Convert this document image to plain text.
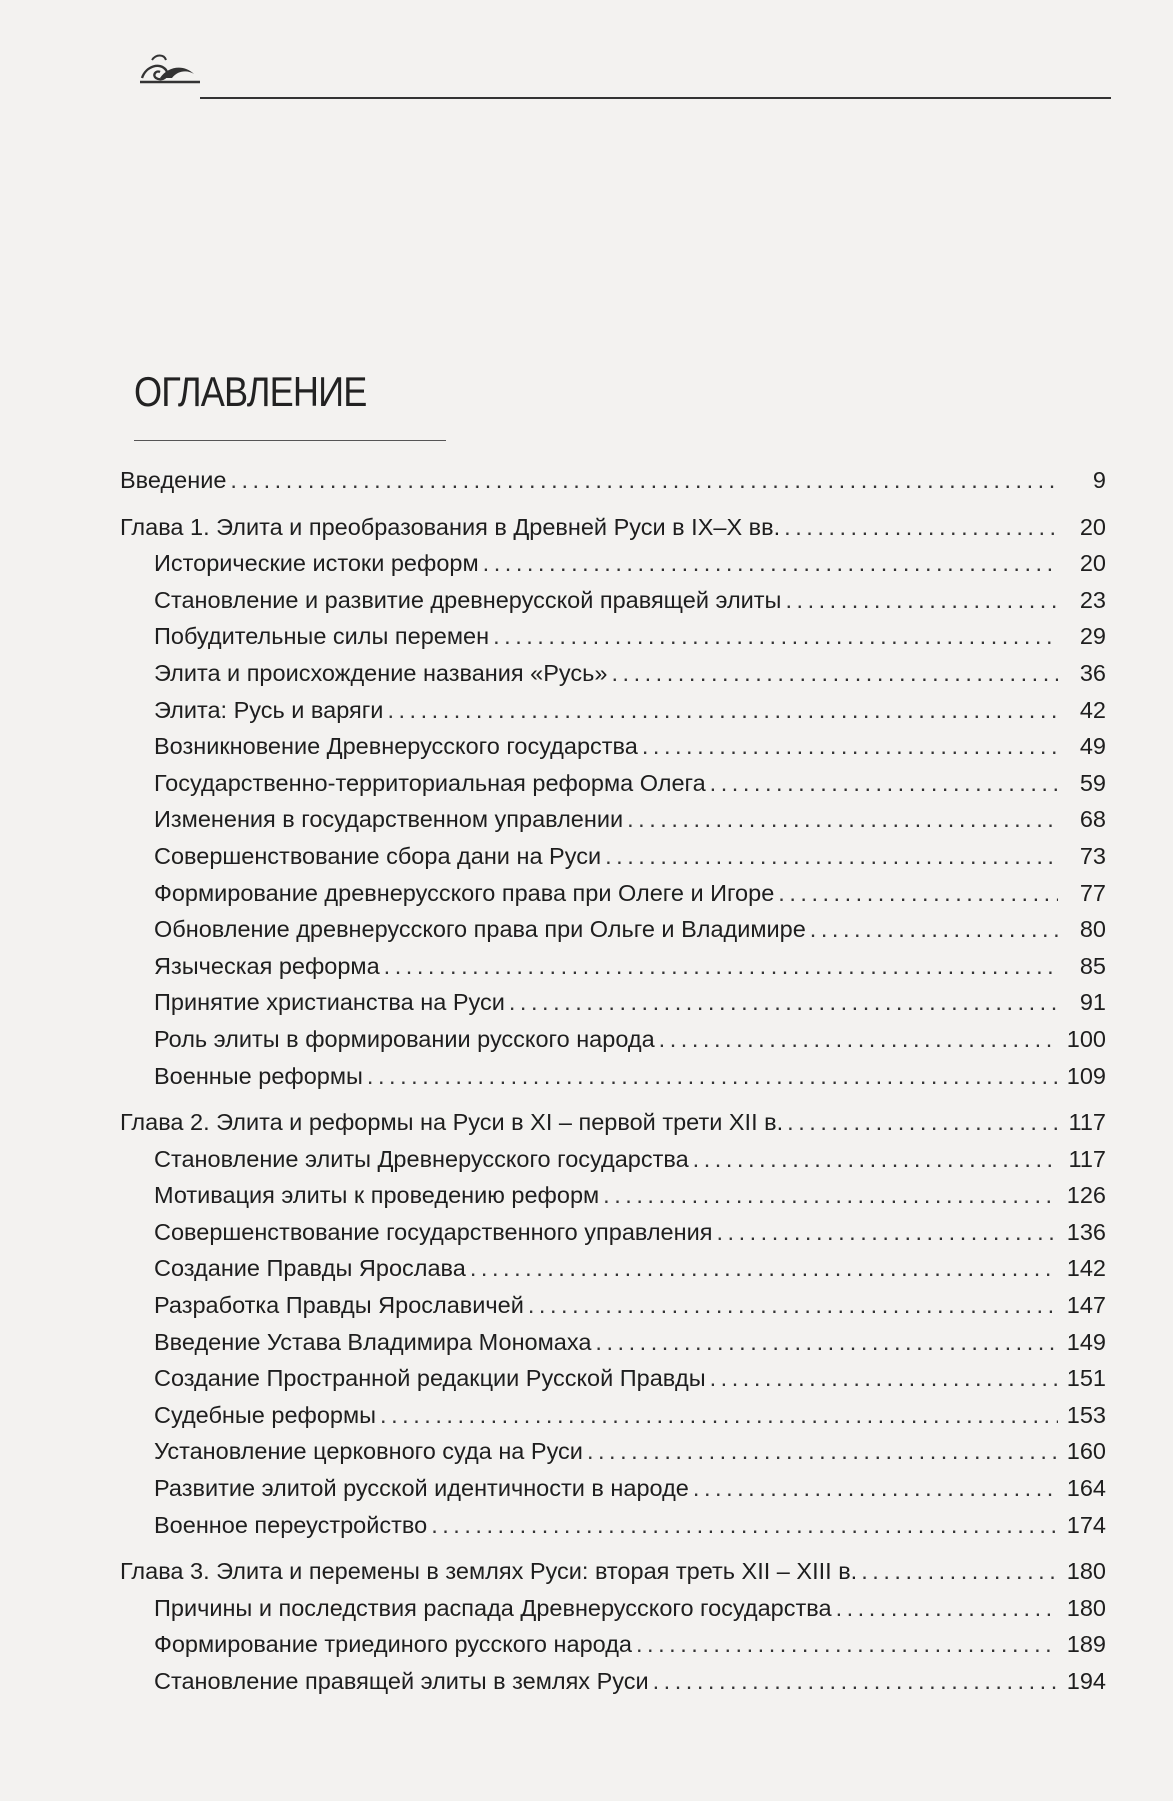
ОГЛАВЛЕНИЕ
Введение . . .	9
Глава 1. Элита и преобразования в Древней Руси в IX–X вв. . . .	20
Исторические истоки реформ . . .	20
Становление и развитие древнерусской правящей элиты . . .	23
Побудительные силы перемен . . .	29
Элита и происхождение названия «Русь» . . .	36
Элита: Русь и варяги . . .	42
Возникновение Древнерусского государства . . .	49
Государственно-территориальная реформа Олега . . .	59
Изменения в государственном управлении . . .	68
Совершенствование сбора дани на Руси . . .	73
Формирование древнерусского права при Олеге и Игоре . . .	77
Обновление древнерусского права при Ольге и Владимире . . .	80
Языческая реформа . . .	85
Принятие христианства на Руси . . .	91
Роль элиты в формировании русского народа . . .	100
Военные реформы . . .	109
Глава 2. Элита и реформы на Руси в XI – первой трети XII в. . . .	117
Становление элиты Древнерусского государства . . .	117
Мотивация элиты к проведению реформ . . .	126
Совершенствование государственного управления . . .	136
Создание Правды Ярослава . . .	142
Разработка Правды Ярославичей . . .	147
Введение Устава Владимира Мономаха . . .	149
Создание Пространной редакции Русской Правды . . .	151
Судебные реформы . . .	153
Установление церковного суда на Руси . . .	160
Развитие элитой русской идентичности в народе . . .	164
Военное переустройство . . .	174
Глава 3. Элита и перемены в землях Руси: вторая треть XII – XIII в. . . .	180
Причины и последствия распада Древнерусского государства . . .	180
Формирование триединого русского народа . . .	189
Становление правящей элиты в землях Руси . . .	194
